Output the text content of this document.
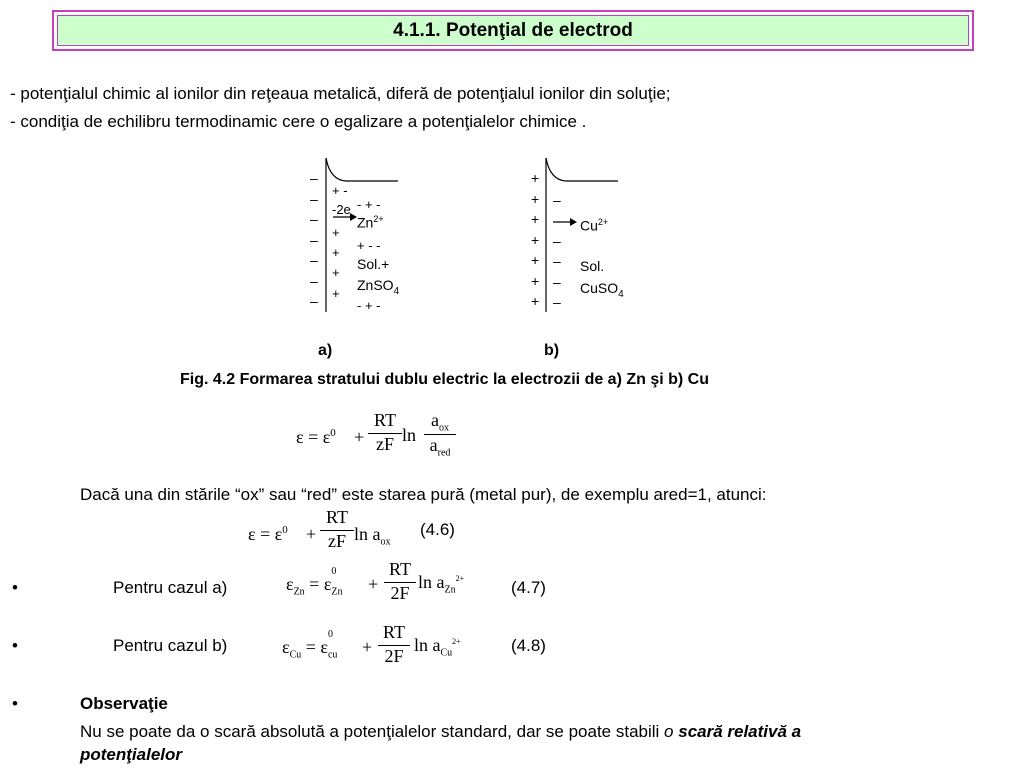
4.1.1. Potenţial de electrod
- potenţialul chimic al ionilor din reţeaua metalică, diferă de potenţialul ionilor din soluţie;
- condiţia de echilibru termodinamic cere o egalizare a potenţialelor chimice .
–
–
–
–
–
–
–
+ -
-2e - + -
$Zn^{2+}$
+
+
+
+
+ - -
Sol.+
ZnSO$_4$
- + -
a)
+
+
+
+
+
+
+
–
–
–
–
–
$Cu^{2+}$
Sol.
CuSO$_4$
b)
Fig. 4.2 Formarea stratului dublu electric la electrozii de a) Zn şi b) Cu
$\varepsilon = \varepsilon^0 + \frac{RT}{zF}$ ln
$a_{ox}$
$a_{red}$
Dacă una din stările “ox” sau “red” este starea pură (metal pur), de exemplu ared=1, atunci:
$\varepsilon = \varepsilon^0 + \frac{RT}{zF}$ $\ln a_{ox}$
(4.6)
•	Pentru cazul a)	$\varepsilon_{Zn} = \varepsilon$
0
$_{Zn} + \frac{RT}{2F}$ $\ln a_{Zn}^{2+}$	(4.7)
•	Pentru cazul b)	$\varepsilon_{Cu} = \varepsilon$
0
$_{cu} + \frac{RT}{2F}$ $\ln a_{Cu}^{2+}$	(4.8)
•	Observaţie
Nu se poate da o scară absolută a potenţialelor standard, dar se poate stabili o scară relativă a
potenţialelor
